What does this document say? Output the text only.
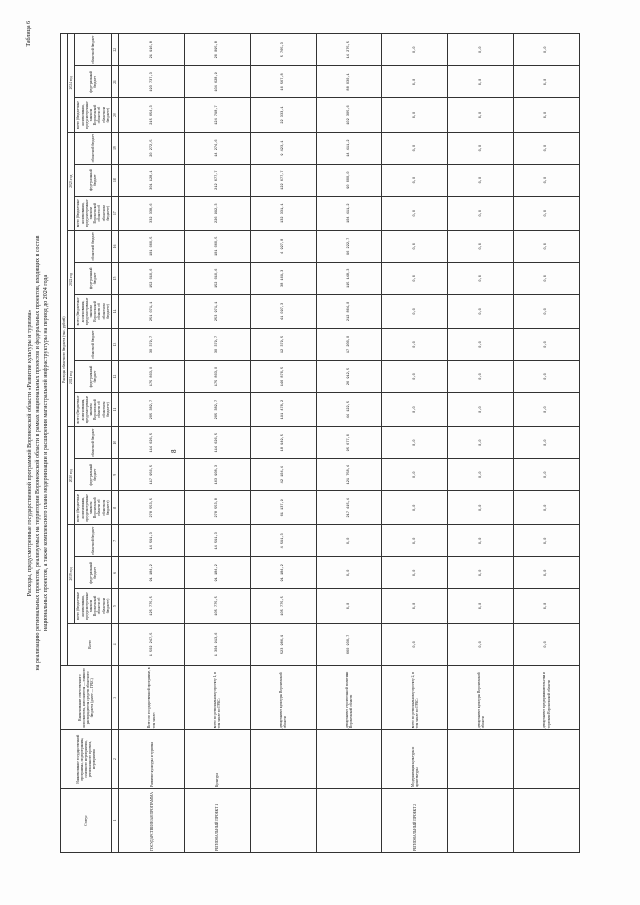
Таблица 6
Расходы, предусмотренные государственной программой Воронежской области «Развитие культуры и туризма» на реализацию региональных проектов, реализуемых на территории Воронежской области в рамках национальных проектов и федеральных проектов, входящих в состав национальных проектов, а также комплексного плана модернизации и расширения магистральной инфраструктуры на период до 2024 года	8
Статус	Наименование государственной программы, подпрограммы, основного мероприятия, регионального проекта, мероприятия	Наименование ответственного исполнителя, исполнителя — главного распорядителя средств областного бюджета (далее — ГРБС)	Расходы областного бюджета (тыс. рублей)																		
			Всего	2019 год			2020 год			2021 год			2022 год			2023 год			2024 год		
				всего (бюджетные ассигнования, предусмотренные законом Воронежской области об областном бюджете)	феде-ральный бюджет	областной бюджет	всего (бюджетные ассигнования, предусмотренные законом Воронежской области об областном бюджете)	феде-ральный бюджет	областной бюджет	всего (бюджетные ассигнования, предусмотренные законом Воронежской области об областном бюджете)	феде-ральный бюджет	областной бюджет	всего (бюджетные ассигнования, предусмотренные законом Воронежской области об областном бюджете)	феде-ральный бюджет	областной бюджет	всего (бюджетные ассигнования, предусмотренные законом Воронежской области об областном бюджете)	феде-ральный бюджет	областной бюджет	всего (бюджетные ассигнования, предусмотренные законом Воронежской области об областном бюджете)	феде-ральный бюджет	областной бюджет
1	2	3	4	5	6	7	8	9	10	11	12	13	14	15	16	17	18	19	20	21	22
ГОСУДАРСТВЕННАЯ ПРОГРАММА	Развитие культуры и туризма	Всего по государственной программе, в том числе:	1 502 247,5	125 775,5	91 184,2	14 591,3	278 553,5	117 956,5	114 626,5	205 382,7	175 803,0	30 379,7	251 071,1	152 010,6	101 060,5	332 338,6	301 128,1	20 272,5	215 654,3	193 737,3	21 916,8
РЕГИОНАЛЬНЫЙ ПРОЕКТ 1	Культура	всего по региональному проекту 1, в том числе по ГРБС:	1 304 913,6	105 775,5	91 184,2	14 591,3	278 553,8	163 908,3	114 626,5	205 382,7	175 803,0	30 379,7	253 971,1	152 010,6	101 060,5	226 992,3	212 677,7	14 274,6	124 798,7	104 628,9	20 095,8
		департамент культуры Воронежской области	523 986,9	105 775,5	91 184,2	4 591,3	61 137,9	42 104,4	18 949,5	191 478,2	146 870,5	12 379,5	41 097,3	38 169,3	4 927,8	132 331,1	122 677,7	9 423,1	22 333,1	16 567,8	5 765,3
		департамент строительной политики Воронежской области	660 930,7	0,0	0,0	0,0	217 415,4	121 758,4	95 677,0	44 122,5	26 912,5	17 200,0	212 864,0	115 148,3	96 222,7	104 411,2	90 000,0	14 411,2	102 305,6	88 030,1	14 275,5
РЕГИОНАЛЬНЫЙ ПРОЕКТ 2	Модернизация культуры и архитектуры	всего по региональному проекту 2, в том числе по ГРБС:	0,0	0,0	0,0	0,0	0,0	0,0	0,0	0,0	0,0	0,0	0,0	0,0	0,0	0,0	0,0	0,0	0,0	0,0	0,0
		департамент культуры Воронежской области	0,0	0,0	0,0	0,0	0,0	0,0	0,0	0,0	0,0	0,0	0,0	0,0	0,0	0,0	0,0	0,0	0,0	0,0	0,0
		департамент предпринимательства и торговли Воронежской области	0,0	0,0	0,0	0,0	0,0	0,0	0,0	0,0	0,0	0,0	0,0	0,0	0,0	0,0	0,0	0,0	0,0	0,0	0,0
